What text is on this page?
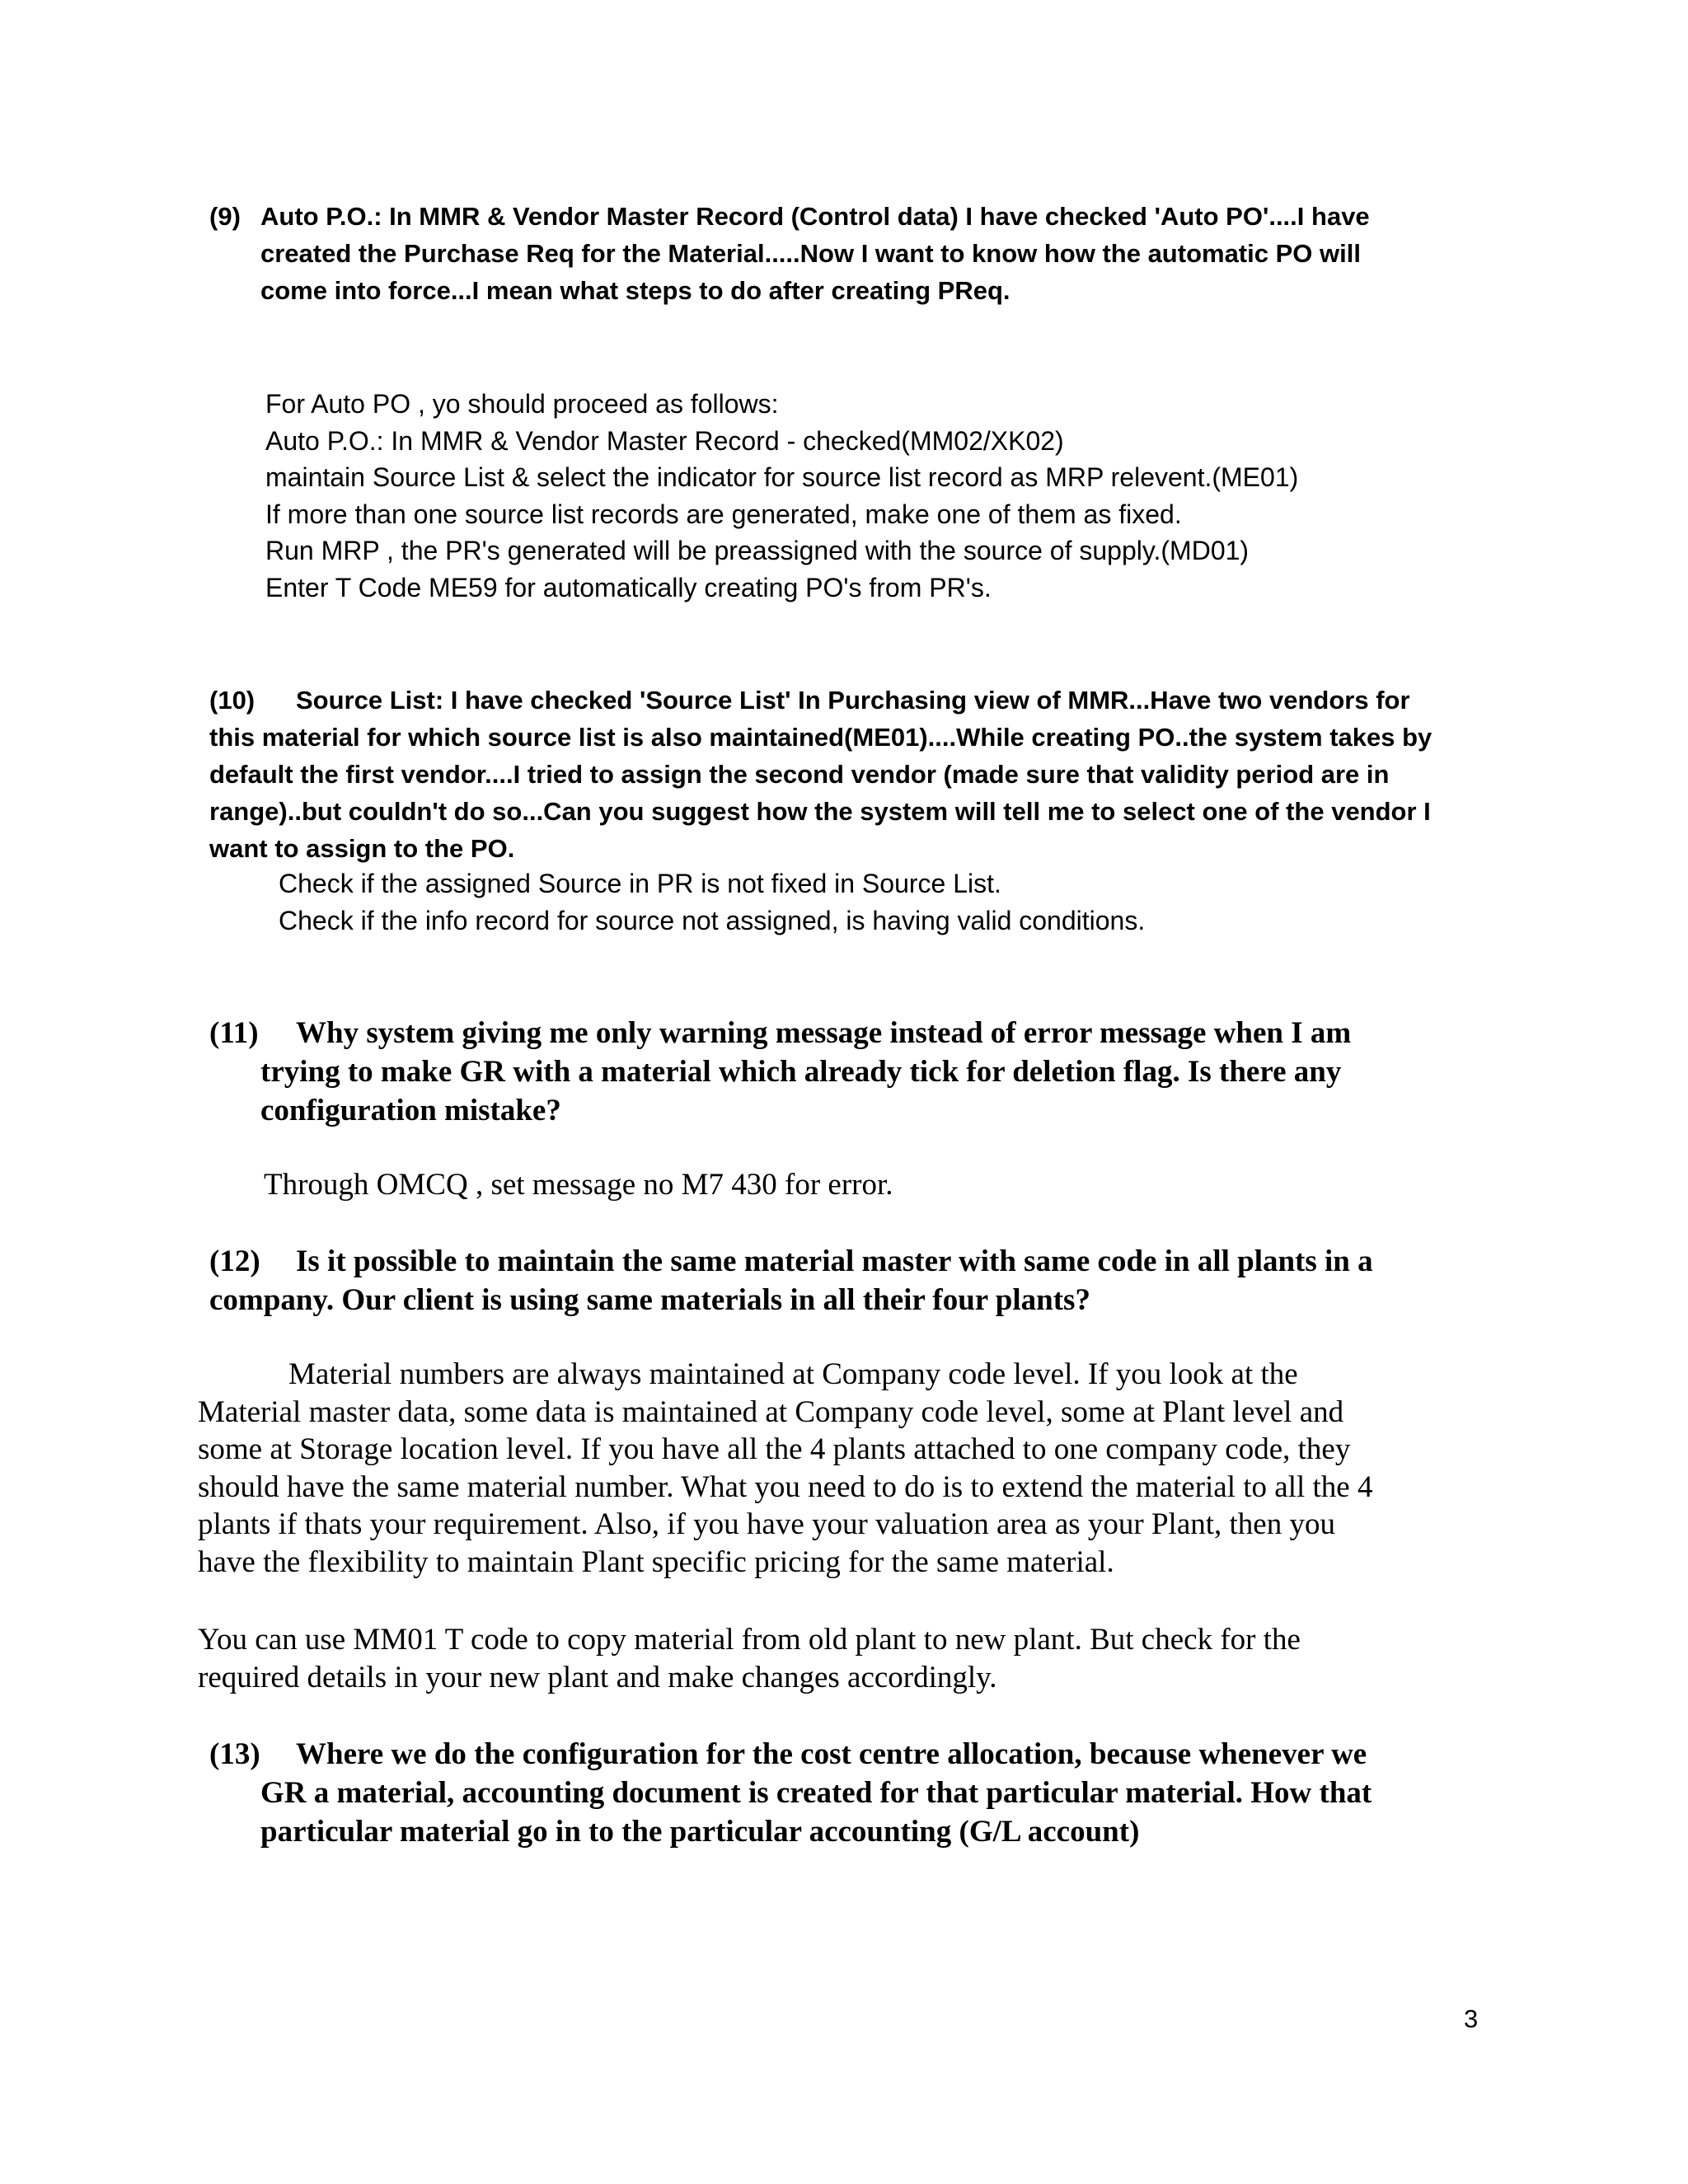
(9) Auto P.O.: In MMR & Vendor Master Record (Control data) I have checked 'Auto PO'....I have
created the Purchase Req for the Material.....Now I want to know how the automatic PO will
come into force...I mean what steps to do after creating PReq.
For Auto PO , yo should proceed as follows:
Auto P.O.: In MMR & Vendor Master Record - checked(MM02/XK02)
maintain Source List & select the indicator for source list record as MRP relevent.(ME01)
If more than one source list records are generated, make one of them as fixed.
Run MRP , the PR's generated will be preassigned with the source of supply.(MD01)
Enter T Code ME59 for automatically creating PO's from PR's.
(10) Source List: I have checked 'Source List' In Purchasing view of MMR...Have two vendors for
this material for which source list is also maintained(ME01)....While creating PO..the system takes by
default the first vendor....I tried to assign the second vendor (made sure that validity period are in
range)..but couldn't do so...Can you suggest how the system will tell me to select one of the vendor I
want to assign to the PO.
Check if the assigned Source in PR is not fixed in Source List.
Check if the info record for source not assigned, is having valid conditions.
(11) Why system giving me only warning message instead of error message when I am
trying to make GR with a material which already tick for deletion flag. Is there any
configuration mistake?
Through OMCQ , set message no M7 430 for error.
(12) Is it possible to maintain the same material master with same code in all plants in a
company. Our client is using same materials in all their four plants?
Material numbers are always maintained at Company code level. If you look at the
Material master data, some data is maintained at Company code level, some at Plant level and
some at Storage location level. If you have all the 4 plants attached to one company code, they
should have the same material number. What you need to do is to extend the material to all the 4
plants if thats your requirement. Also, if you have your valuation area as your Plant, then you
have the flexibility to maintain Plant specific pricing for the same material.
You can use MM01 T code to copy material from old plant to new plant. But check for the
required details in your new plant and make changes accordingly.
(13) Where we do the configuration for the cost centre allocation, because whenever we
GR a material, accounting document is created for that particular material. How that
particular material go in to the particular accounting (G/L account)
3
